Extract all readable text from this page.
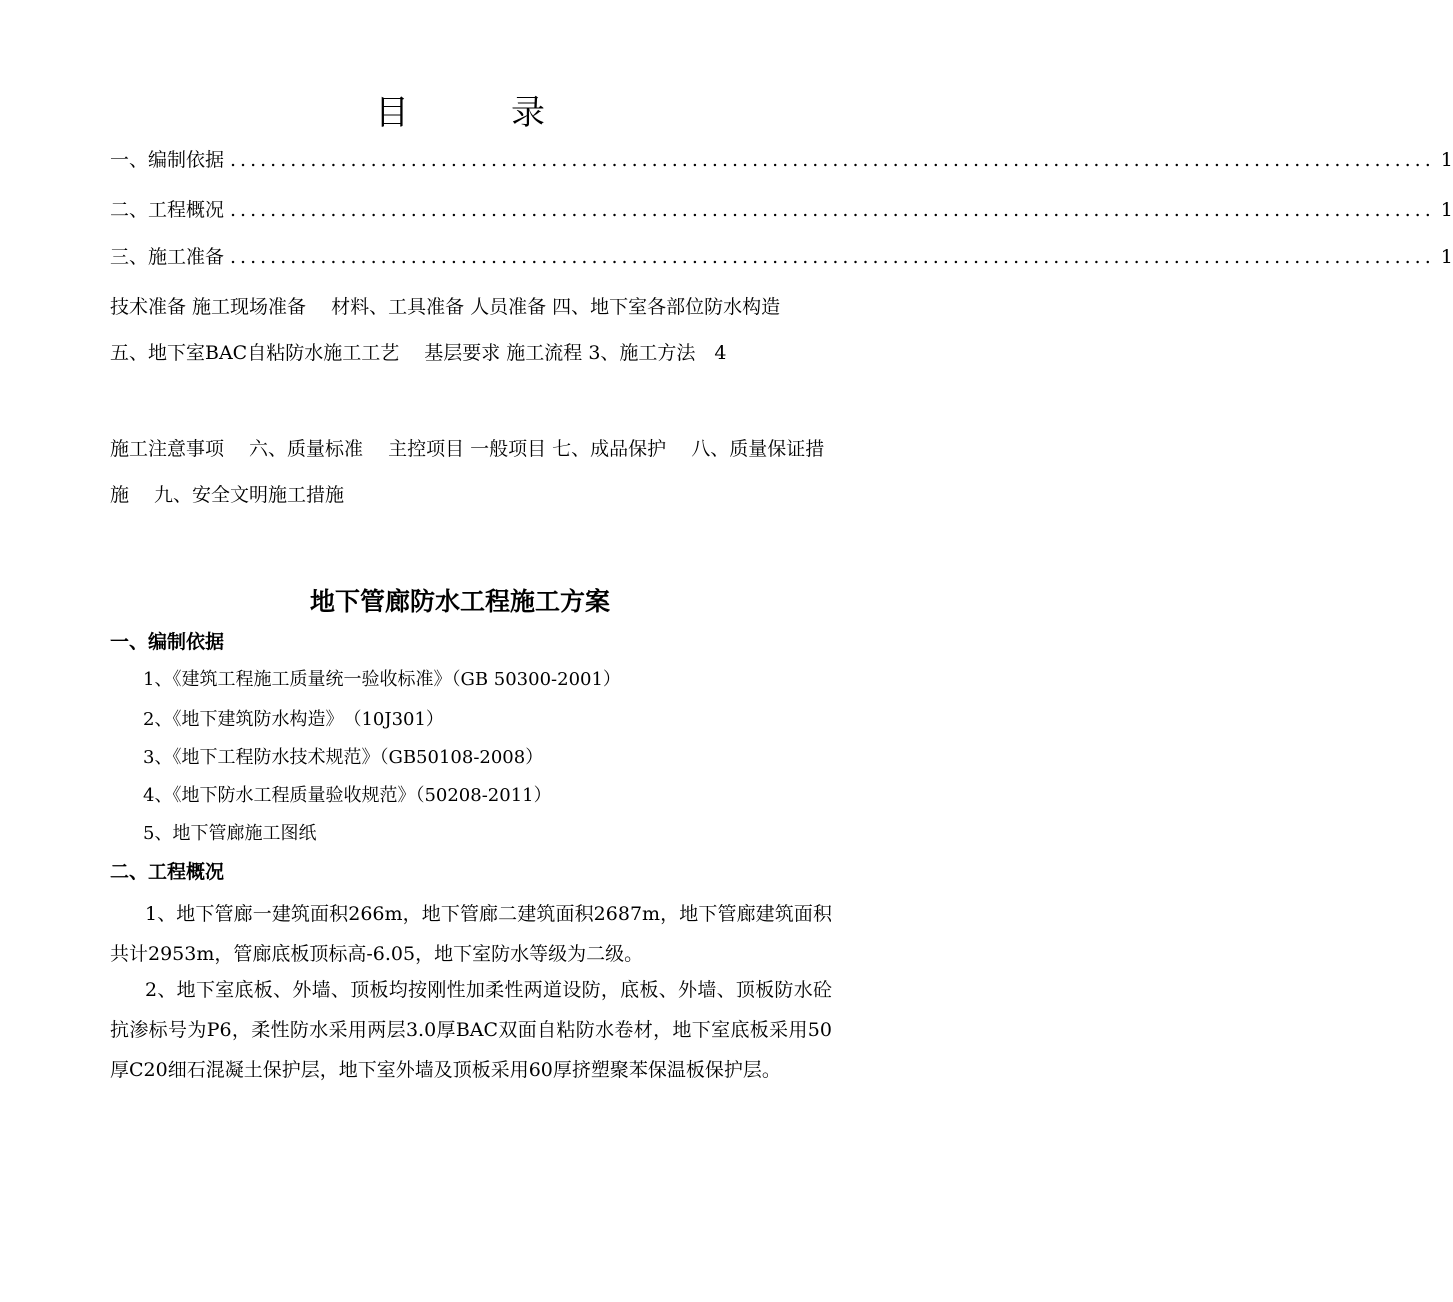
目　录
一、编制依据 ........................................................................................................................ 1
二、工程概况 ........................................................................................................................ 1
三、施工准备 ........................................................................................................................ 1
技术准备 施工现场准备　 材料、工具准备 人员准备 四、地下室各部位防水构造　 五、地下室BAC自粘防水施工工艺　 基层要求 施工流程 3、施工方法　4
施工注意事项　 六、质量标准　 主控项目 一般项目 七、成品保护　 八、质量保证措施　 九、安全文明施工措施
地下管廊防水工程施工方案
一、编制依据
1、《建筑工程施工质量统一验收标准》（GB 50300-2001）
2、《地下建筑防水构造》　（10J301）
3、《地下工程防水技术规范》（GB50108-2008）
4、《地下防水工程质量验收规范》（50208-2011）
5、地下管廊施工图纸
二、工程概况
1、地下管廊一建筑面积266m，地下管廊二建筑面积2687m，地下管廊建筑面积共计2953m，管廊底板顶标高-6.05，地下室防水等级为二级。
2、地下室底板、外墙、顶板均按刚性加柔性两道设防，底板、外墙、顶板防水砼抗渗标号为P6，柔性防水采用两层3.0厚BAC双面自粘防水卷材，地下室底板采用50厚C20细石混凝土保护层，地下室外墙及顶板采用60厚挤塑聚苯保温板保护层。
